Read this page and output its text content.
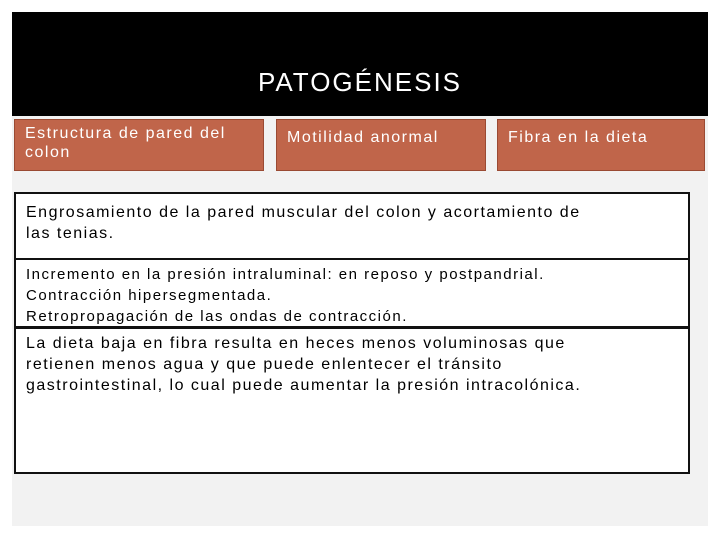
PATOGÉNESIS
Estructura de pared del colon
Motilidad anormal	Fibra en la dieta
Engrosamiento de la pared muscular del colon y acortamiento de
las tenias.
Incremento en la presión intraluminal: en reposo y postpandrial.
Contracción hipersegmentada.
Retropropagación de las ondas de contracción.
La dieta baja en fibra resulta en heces menos voluminosas que
retienen menos agua y que puede enlentecer el tránsito
gastrointestinal, lo cual puede aumentar la presión intracolónica.
